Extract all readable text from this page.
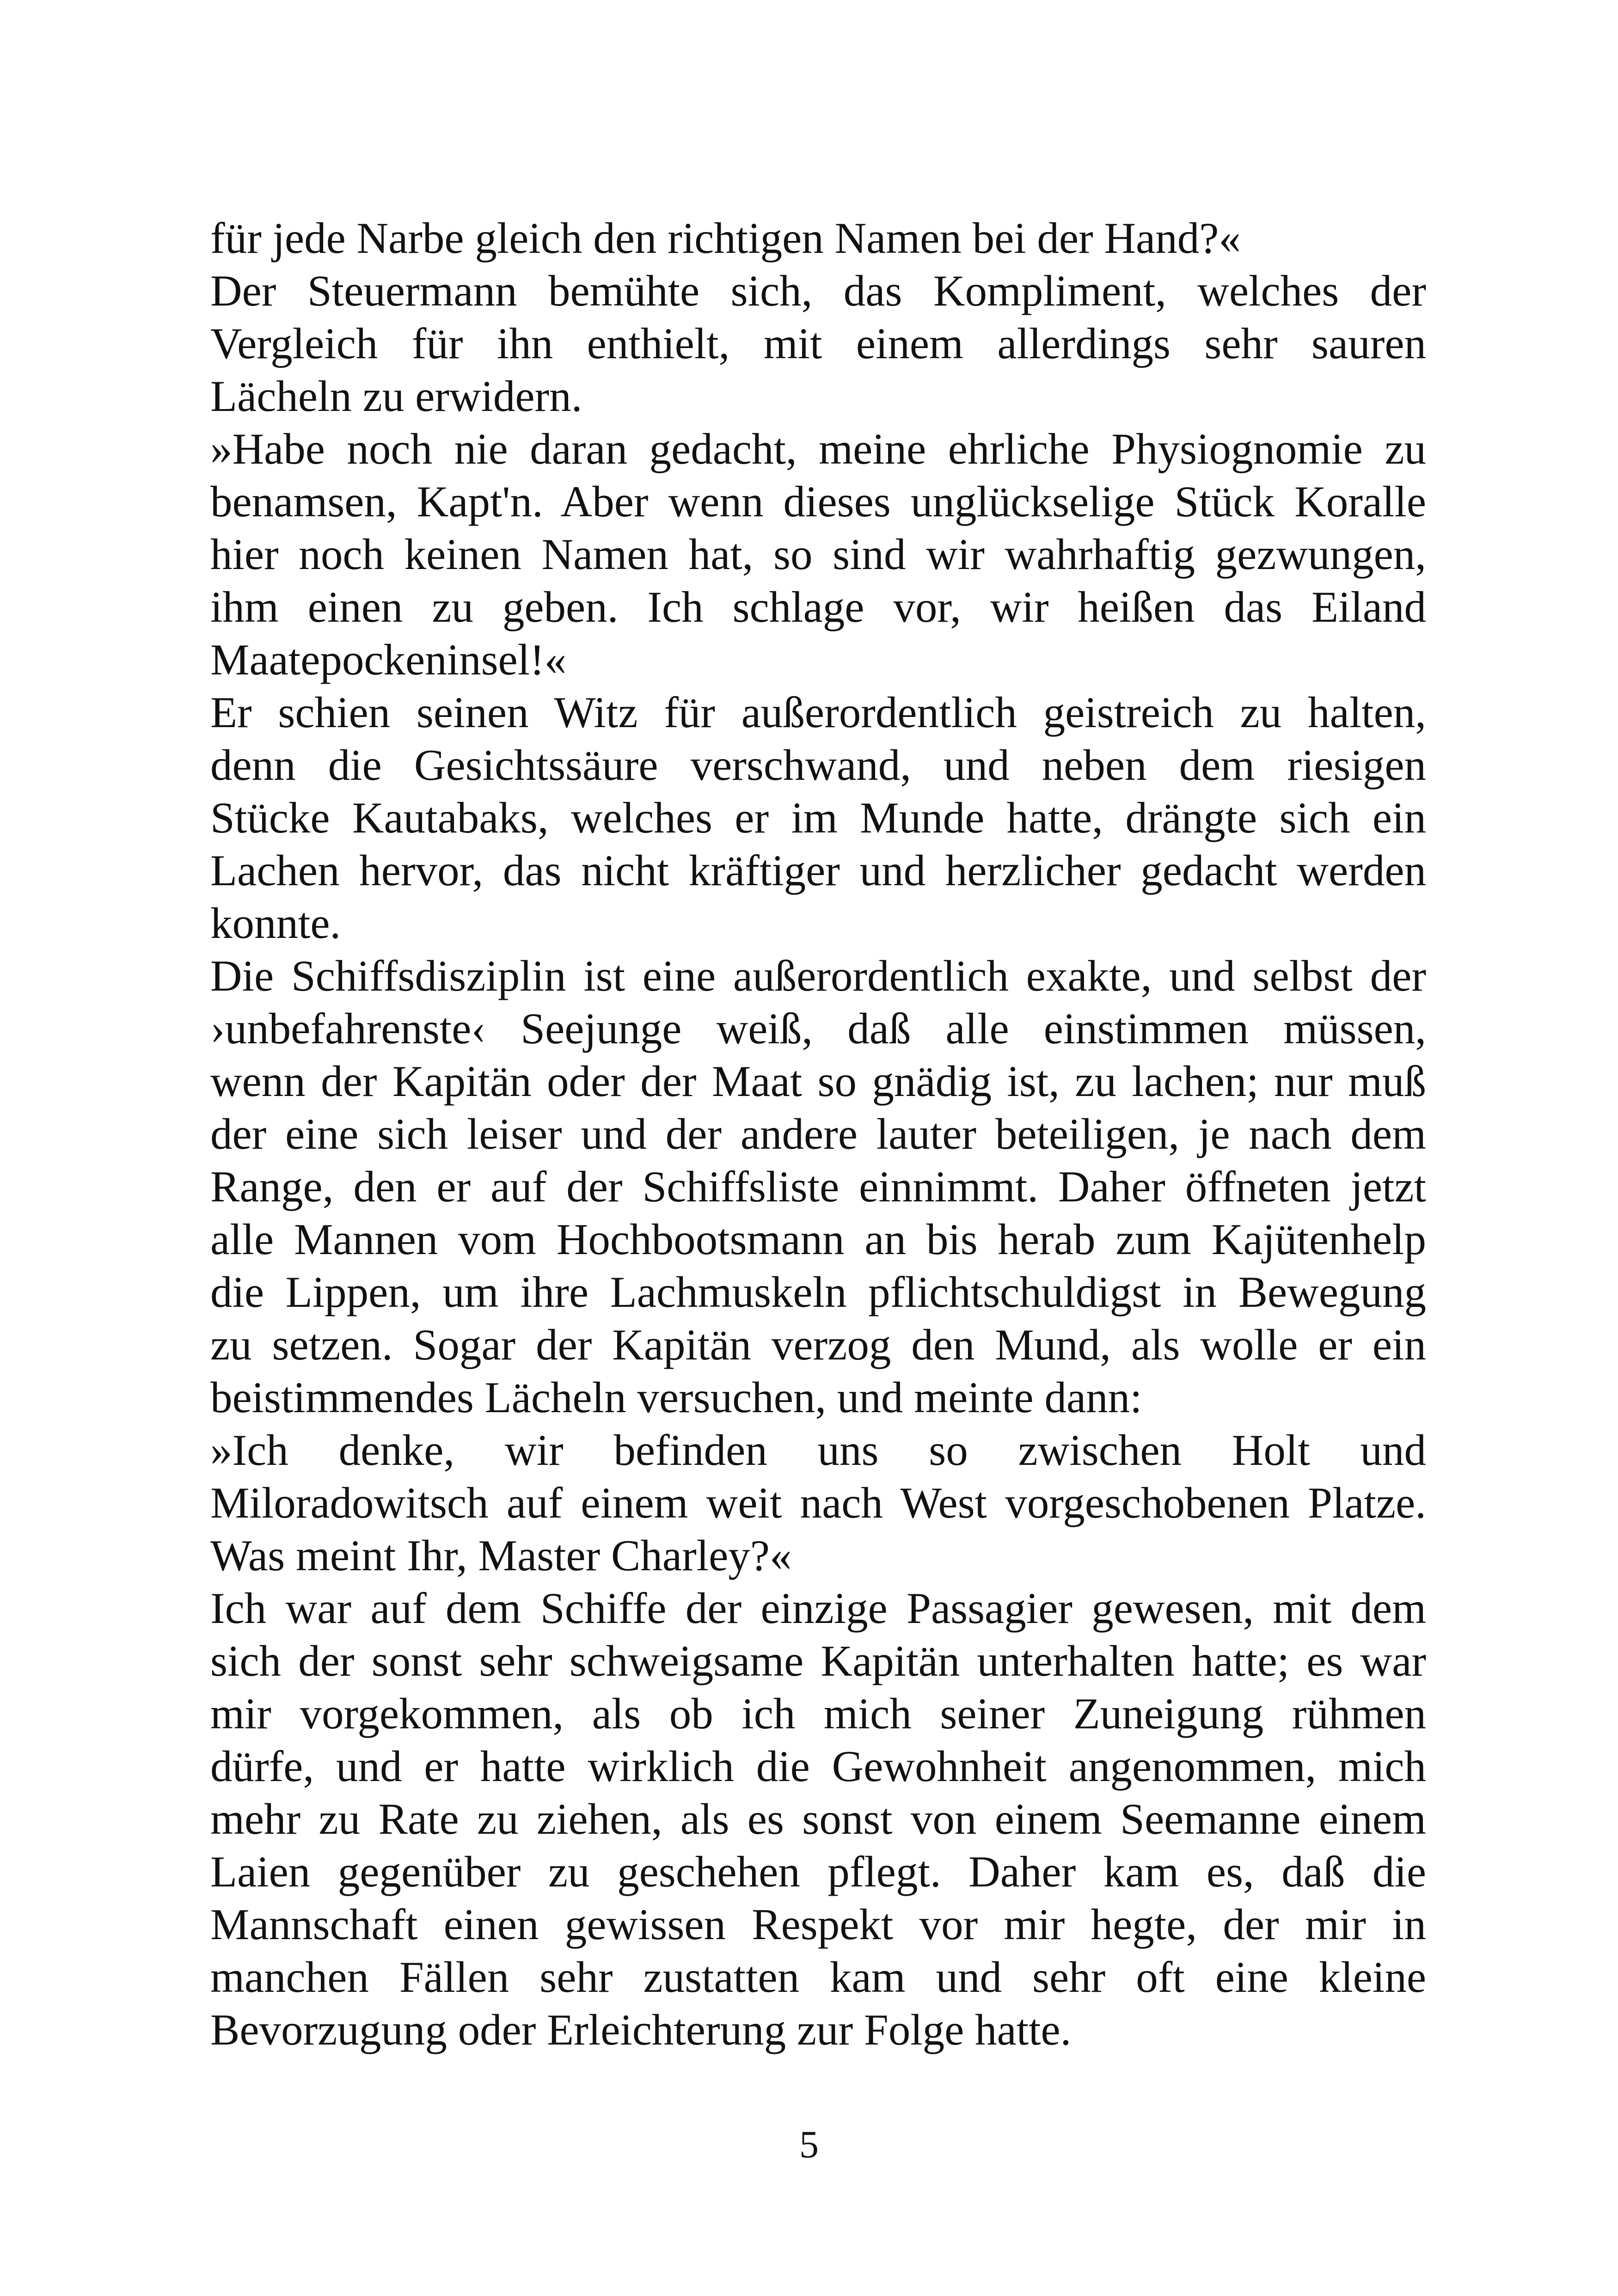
für jede Narbe gleich den richtigen Namen bei der Hand?«
Der Steuermann bemühte sich, das Kompliment, welches der
Vergleich für ihn enthielt, mit einem allerdings sehr sauren
Lächeln zu erwidern.
»Habe noch nie daran gedacht, meine ehrliche Physiognomie zu
benamsen, Kapt'n. Aber wenn dieses unglückselige Stück Koralle
hier noch keinen Namen hat, so sind wir wahrhaftig gezwungen,
ihm einen zu geben. Ich schlage vor, wir heißen das Eiland
Maatepockeninsel!«
Er schien seinen Witz für außerordentlich geistreich zu halten,
denn die Gesichtssäure verschwand, und neben dem riesigen
Stücke Kautabaks, welches er im Munde hatte, drängte sich ein
Lachen hervor, das nicht kräftiger und herzlicher gedacht werden
konnte.
Die Schiffsdisziplin ist eine außerordentlich exakte, und selbst der
›unbefahrenste‹ Seejunge weiß, daß alle einstimmen müssen,
wenn der Kapitän oder der Maat so gnädig ist, zu lachen; nur muß
der eine sich leiser und der andere lauter beteiligen, je nach dem
Range, den er auf der Schiffsliste einnimmt. Daher öffneten jetzt
alle Mannen vom Hochbootsmann an bis herab zum Kajütenhelp
die Lippen, um ihre Lachmuskeln pflichtschuldigst in Bewegung
zu setzen. Sogar der Kapitän verzog den Mund, als wolle er ein
beistimmendes Lächeln versuchen, und meinte dann:
»Ich denke, wir befinden uns so zwischen Holt und
Miloradowitsch auf einem weit nach West vorgeschobenen Platze.
Was meint Ihr, Master Charley?«
Ich war auf dem Schiffe der einzige Passagier gewesen, mit dem
sich der sonst sehr schweigsame Kapitän unterhalten hatte; es war
mir vorgekommen, als ob ich mich seiner Zuneigung rühmen
dürfe, und er hatte wirklich die Gewohnheit angenommen, mich
mehr zu Rate zu ziehen, als es sonst von einem Seemanne einem
Laien gegenüber zu geschehen pflegt. Daher kam es, daß die
Mannschaft einen gewissen Respekt vor mir hegte, der mir in
manchen Fällen sehr zustatten kam und sehr oft eine kleine
Bevorzugung oder Erleichterung zur Folge hatte.
5
